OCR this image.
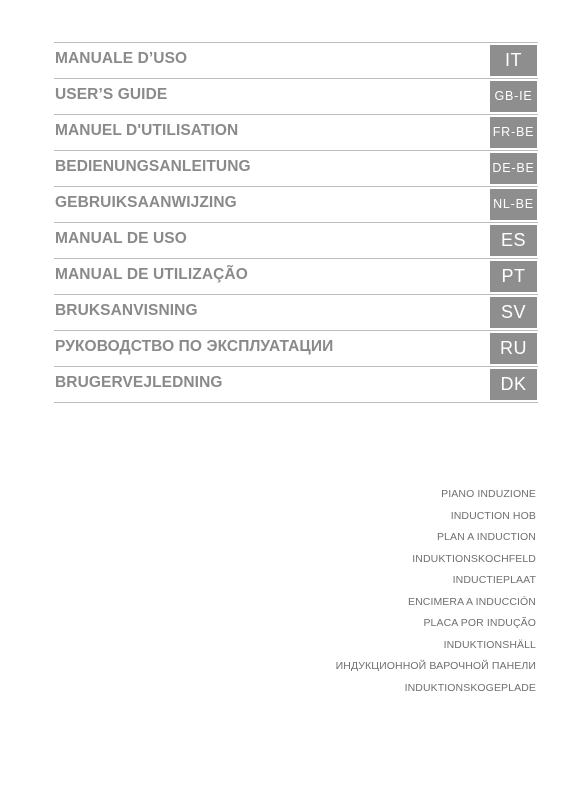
MANUALE D’USO	IT
USER’S GUIDE	GB-IE
MANUEL D'UTILISATION	FR-BE
BEDIENUNGSANLEITUNG	DE-BE
GEBRUIKSAANWIJZING	NL-BE
MANUAL DE USO	ES
MANUAL DE UTILIZAÇÃO	PT
BRUKSANVISNING	SV
РУКОВОДСТВО ПО ЭКСПЛУАТАЦИИ	RU
BRUGERVEJLEDNING	DK
PIANO INDUZIONE
INDUCTION HOB
PLAN A INDUCTION
INDUKTIONSKOCHFELD
INDUCTIEPLAAT
ENCIMERA A INDUCCIÓN
PLACA POR INDUÇÃO
INDUKTIONSHÄLL
ИНДУКЦИОННОЙ ВАРОЧНОЙ ПАНЕЛИ
INDUKTIONSKOGEPLADE
